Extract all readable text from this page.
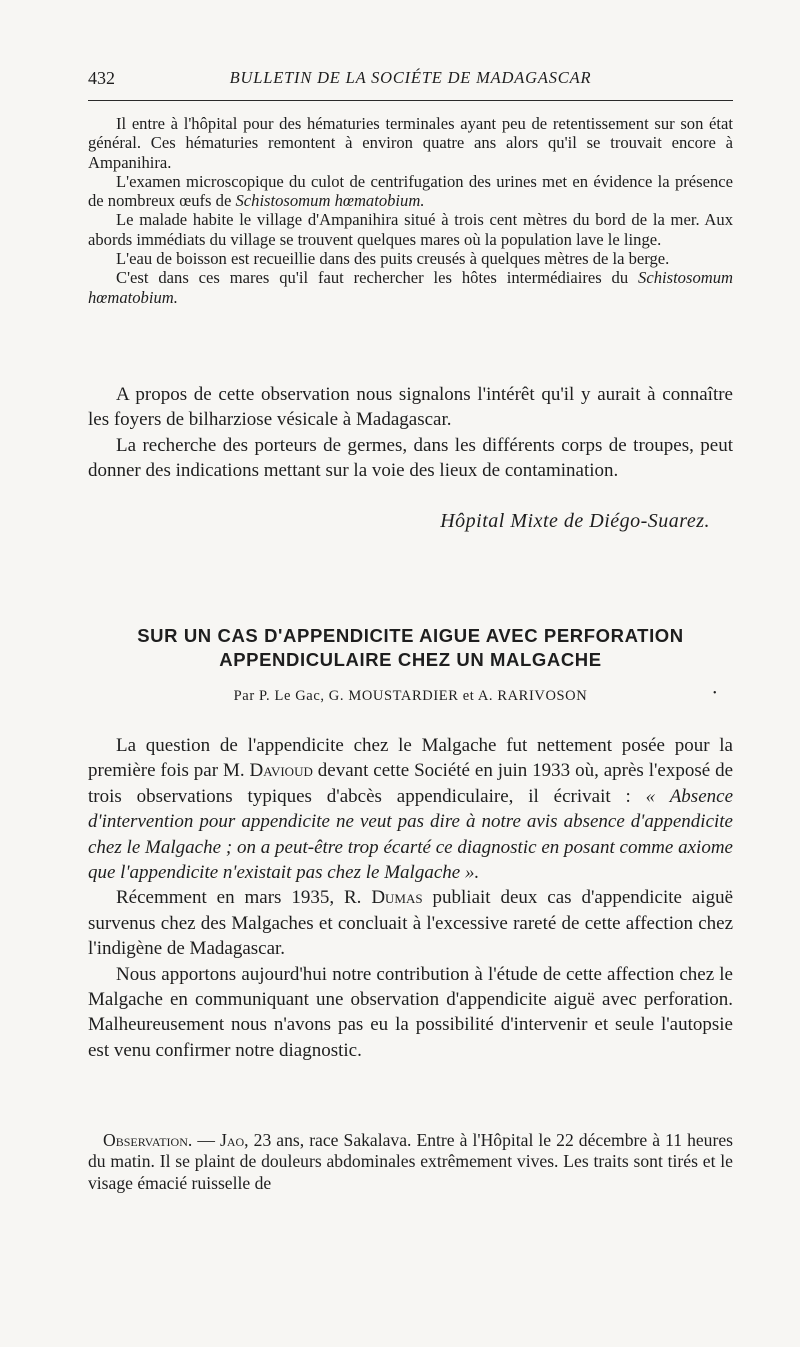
432	BULLETIN DE LA SOCIÉTE DE MADAGASCAR

Il entre à l'hôpital pour des hématuries terminales ayant peu de retentissement sur son état général. Ces hématuries remontent à environ quatre ans alors qu'il se trouvait encore à Ampanihira.

L'examen microscopique du culot de centrifugation des urines met en évidence la présence de nombreux œufs de Schistosomum hœmatobium.

Le malade habite le village d'Ampanihira situé à trois cent mètres du bord de la mer. Aux abords immédiats du village se trouvent quelques mares où la population lave le linge.

L'eau de boisson est recueillie dans des puits creusés à quelques mètres de la berge.

C'est dans ces mares qu'il faut rechercher les hôtes intermédiaires du Schistosomum hœmatobium.

A propos de cette observation nous signalons l'intérêt qu'il y aurait à connaître les foyers de bilharziose vésicale à Madagascar.

La recherche des porteurs de germes, dans les différents corps de troupes, peut donner des indications mettant sur la voie des lieux de contamination.

Hôpital Mixte de Diégo-Suarez.
SUR UN CAS D'APPENDICITE AIGUE AVEC PERFORATION
APPENDICULAIRE CHEZ UN MALGACHE
Par P. Le Gac, G. MOUSTARDIER et A. RARIVOSON	•

La question de l'appendicite chez le Malgache fut nettement posée pour la première fois par M. Davioud devant cette Société en juin 1933 où, après l'exposé de trois observations typiques d'abcès appendiculaire, il écrivait : « Absence d'intervention pour appendicite ne veut pas dire à notre avis absence d'appendicite chez le Malgache ; on a peut-être trop écarté ce diagnostic en posant comme axiome que l'appendicite n'existait pas chez le Malgache ».

Récemment en mars 1935, R. Dumas publiait deux cas d'appendicite aiguë survenus chez des Malgaches et concluait à l'excessive rareté de cette affection chez l'indigène de Madagascar.

Nous apportons aujourd'hui notre contribution à l'étude de cette affection chez le Malgache en communiquant une observation d'appendicite aiguë avec perforation. Malheureusement nous n'avons pas eu la possibilité d'intervenir et seule l'autopsie est venu confirmer notre diagnostic.

Observation. — Jao, 23 ans, race Sakalava. Entre à l'Hôpital le 22 décembre à 11 heures du matin. Il se plaint de douleurs abdominales extrêmement vives. Les traits sont tirés et le visage émacié ruisselle de
